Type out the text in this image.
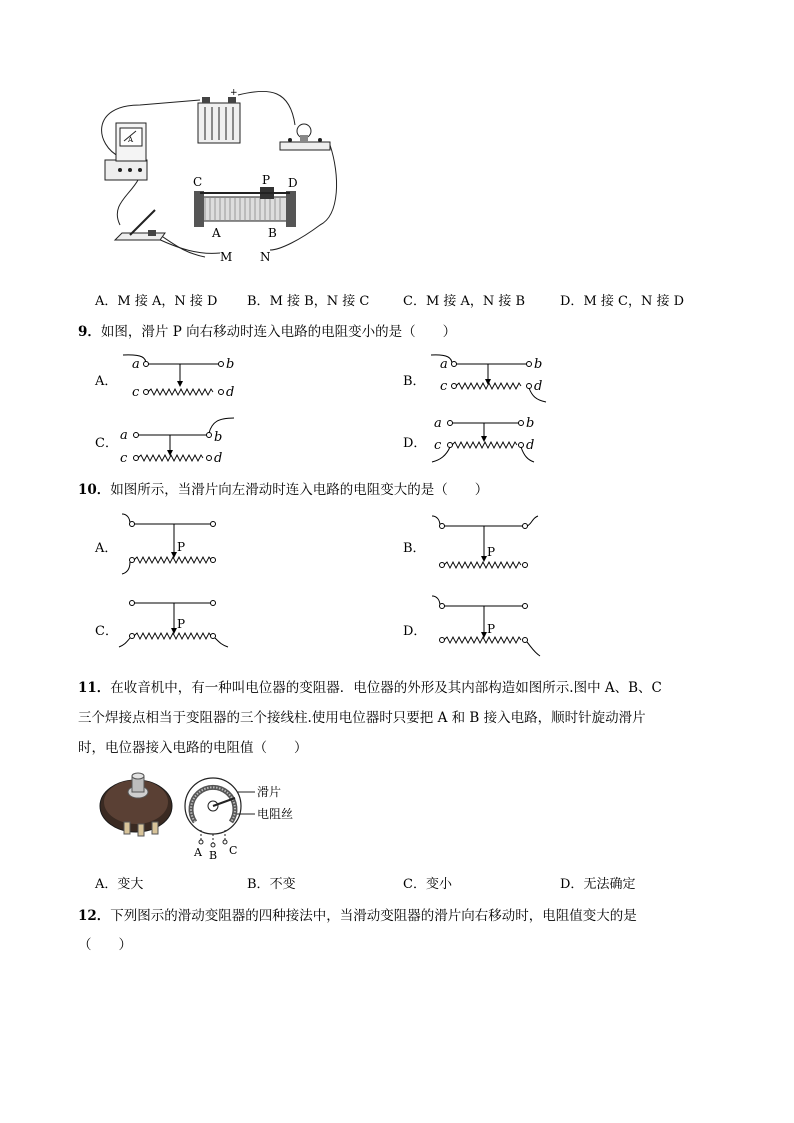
A
+
C	P D
A	B
M N
A．M 接 A，N 接 D B．M 接 B，N 接 C	C．M 接 A，N 接 B	D．M 接 C，N 接 D
9．如图，滑片 P 向右移动时连入电路的电阻变小的是（　　）
A．	B．
C．	D．
a	b
c	d
a	b
c	d
a	b
c	d
a	b
c	d
10．如图所示，当滑片向左滑动时连入电路的电阻变大的是（　　）
A．	B．
C．	D．
P	P
P	P
11．在收音机中，有一种叫电位器的变阻器．电位器的外形及其内部构造如图所示.图中 A、B、C
三个焊接点相当于变阻器的三个接线柱.使用电位器时只要把 A 和 B 接入电路，顺时针旋动滑片
时，电位器接入电路的电阻值（　　）
滑片
电阻丝
A B C
A．变大	B．不变	C．变小	D．无法确定
12．下列图示的滑动变阻器的四种接法中，当滑动变阻器的滑片向右移动时，电阻值变大的是
（　　）
